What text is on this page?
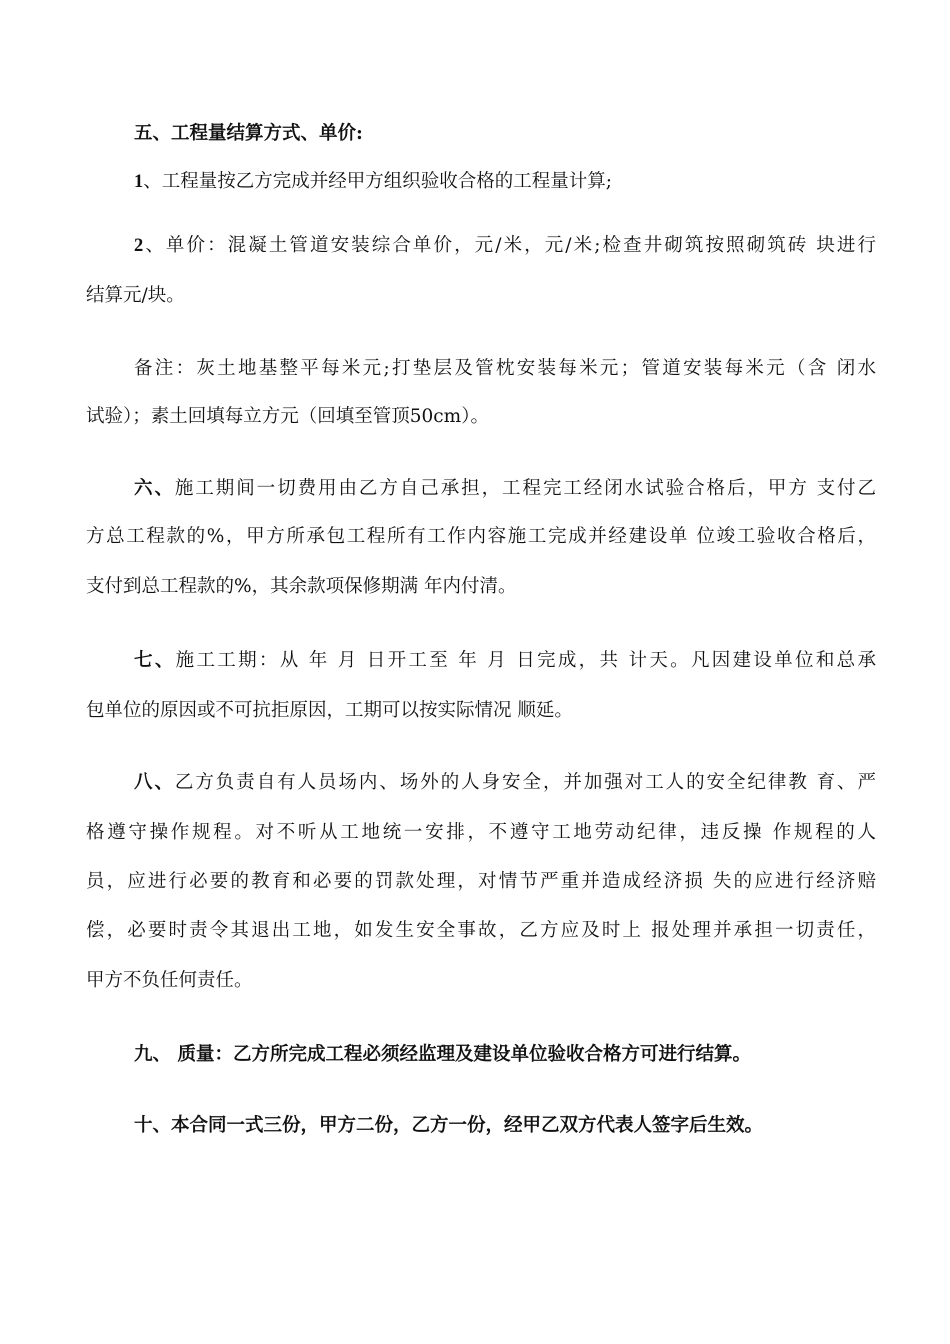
五、工程量结算方式、单价:
1、工程量按乙方完成并经甲方组织验收合格的工程量计算;
2、单价：混凝土管道安装综合单价，元/米，元/米;检查井砌筑按照砌筑砖 块进行
结算元/块。
备注：灰土地基整平每米元;打垫层及管枕安装每米元；管道安装每米元（含 闭水
试验）；素土回填每立方元（回填至管顶50cm）。
六、施工期间一切费用由乙方自己承担，工程完工经闭水试验合格后，甲方 支付乙
方总工程款的%，甲方所承包工程所有工作内容施工完成并经建设单 位竣工验收合格后，
支付到总工程款的%，其余款项保修期满 年内付清。
七、施工工期：从 年 月 日开工至 年 月 日完成，共 计天。凡因建设单位和总承
包单位的原因或不可抗拒原因，工期可以按实际情况 顺延。
八、乙方负责自有人员场内、场外的人身安全，并加强对工人的安全纪律教 育、严
格遵守操作规程。对不听从工地统一安排，不遵守工地劳动纪律，违反操 作规程的人
员，应进行必要的教育和必要的罚款处理，对情节严重并造成经济损 失的应进行经济赔
偿，必要时责令其退出工地，如发生安全事故，乙方应及时上 报处理并承担一切责任，
甲方不负任何责任。
九、 质量：乙方所完成工程必须经监理及建设单位验收合格方可进行结算。
十、本合同一式三份，甲方二份，乙方一份，经甲乙双方代表人签字后生效。
